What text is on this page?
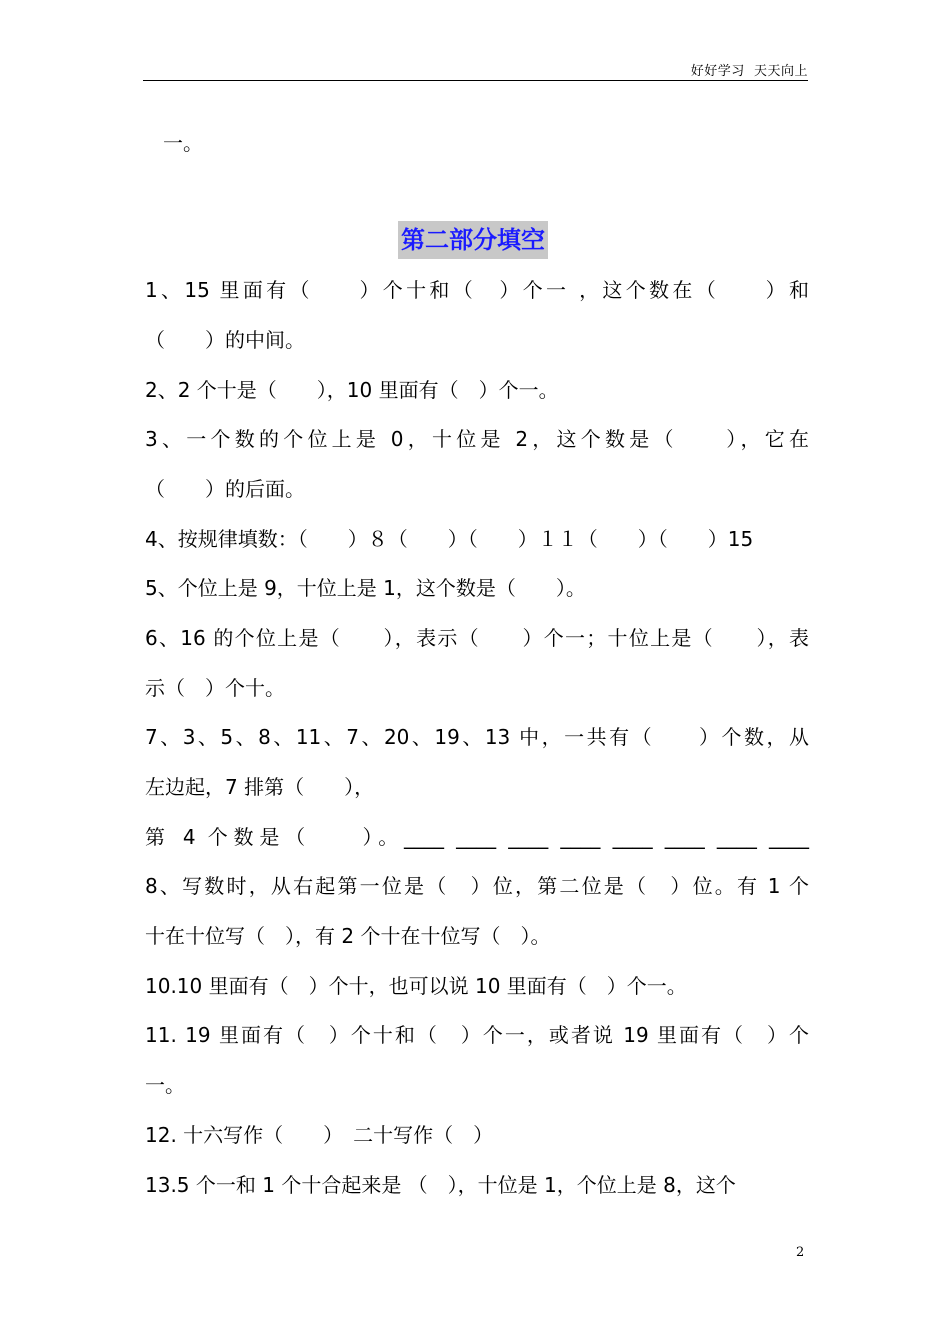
好好学习  天天向上
一。
第二部分填空
1、15 里面有（　　）个十和（　）个一 ，这个数在（　　）和
（　　）的中间。
2、2 个十是（　　），10 里面有（　）个一。
3、一个数的个位上是 0，十位是 2，这个数是（　　），它在
（　　）的后面。
4、按规律填数：（　　）８（　　）（　　）１１（　　）（　　）15
5、个位上是 9，十位上是 1，这个数是（　　）。
6、16 的个位上是（　　），表示（　　）个一；十位上是（　　），表
示（　）个十。
7、3、5、8、11、7、20、19、13 中，一共有（　　）个数，从
左边起，7 排第（　　），
第 4 个数是（　　）。____ ____ ____ ____ ____ ____ ____ ____
8、写数时，从右起第一位是（　）位，第二位是（　）位。有 1 个
十在十位写（　），有 2 个十在十位写（　）。
10.10 里面有（　）个十，也可以说 10 里面有（　）个一。
11. 19 里面有（　）个十和（　）个一，或者说 19 里面有（　）个
一。
12. 十六写作（　　）　二十写作（　）
13.5 个一和 1 个十合起来是 （　），十位是 1，个位上是 8，这个
2
